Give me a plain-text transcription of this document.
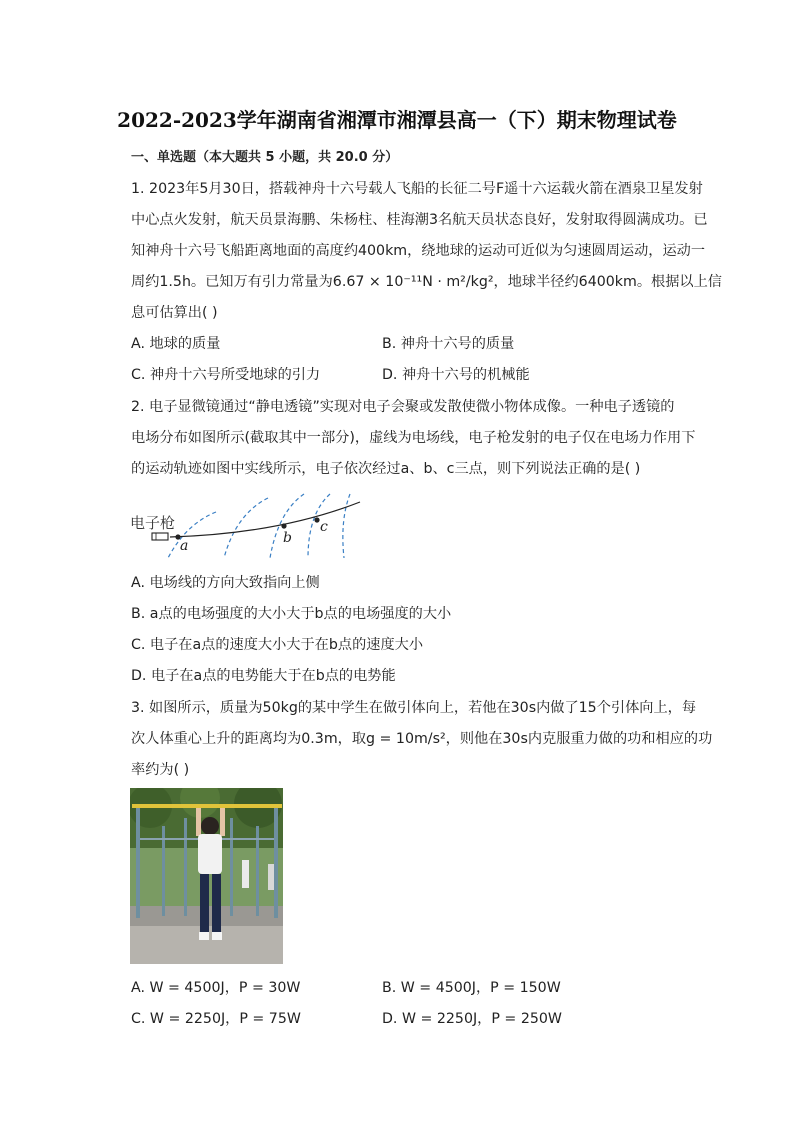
2022-2023学年湖南省湘潭市湘潭县高一（下）期末物理试卷
一、单选题（本大题共 5 小题，共 20.0 分）
1. 2023年5月30日，搭载神舟十六号载人飞船的长征二号F遥十六运载火箭在酒泉卫星发射
中心点火发射，航天员景海鹏、朱杨柱、桂海潮3名航天员状态良好，发射取得圆满成功。已
知神舟十六号飞船距离地面的高度约400km，绕地球的运动可近似为匀速圆周运动，运动一
周约1.5h。已知万有引力常量为6.67 × 10⁻¹¹N · m²/kg²，地球半径约6400km。根据以上信
息可估算出( )
A. 地球的质量	B. 神舟十六号的质量
C. 神舟十六号所受地球的引力	D. 神舟十六号的机械能
2. 电子显微镜通过“静电透镜”实现对电子会聚或发散使微小物体成像。一种电子透镜的
电场分布如图所示(截取其中一部分)，虚线为电场线，电子枪发射的电子仅在电场力作用下
的运动轨迹如图中实线所示，电子依次经过a、b、c三点，则下列说法正确的是( )
电子枪
a	b
c
A. 电场线的方向大致指向上侧
B. a点的电场强度的大小大于b点的电场强度的大小
C. 电子在a点的速度大小大于在b点的速度大小
D. 电子在a点的电势能大于在b点的电势能
3. 如图所示，质量为50kg的某中学生在做引体向上，若他在30s内做了15个引体向上，每
次人体重心上升的距离均为0.3m，取g = 10m/s²，则他在30s内克服重力做的功和相应的功
率约为( )
A. W = 4500J，P = 30W	B. W = 4500J，P = 150W
C. W = 2250J，P = 75W	D. W = 2250J，P = 250W
